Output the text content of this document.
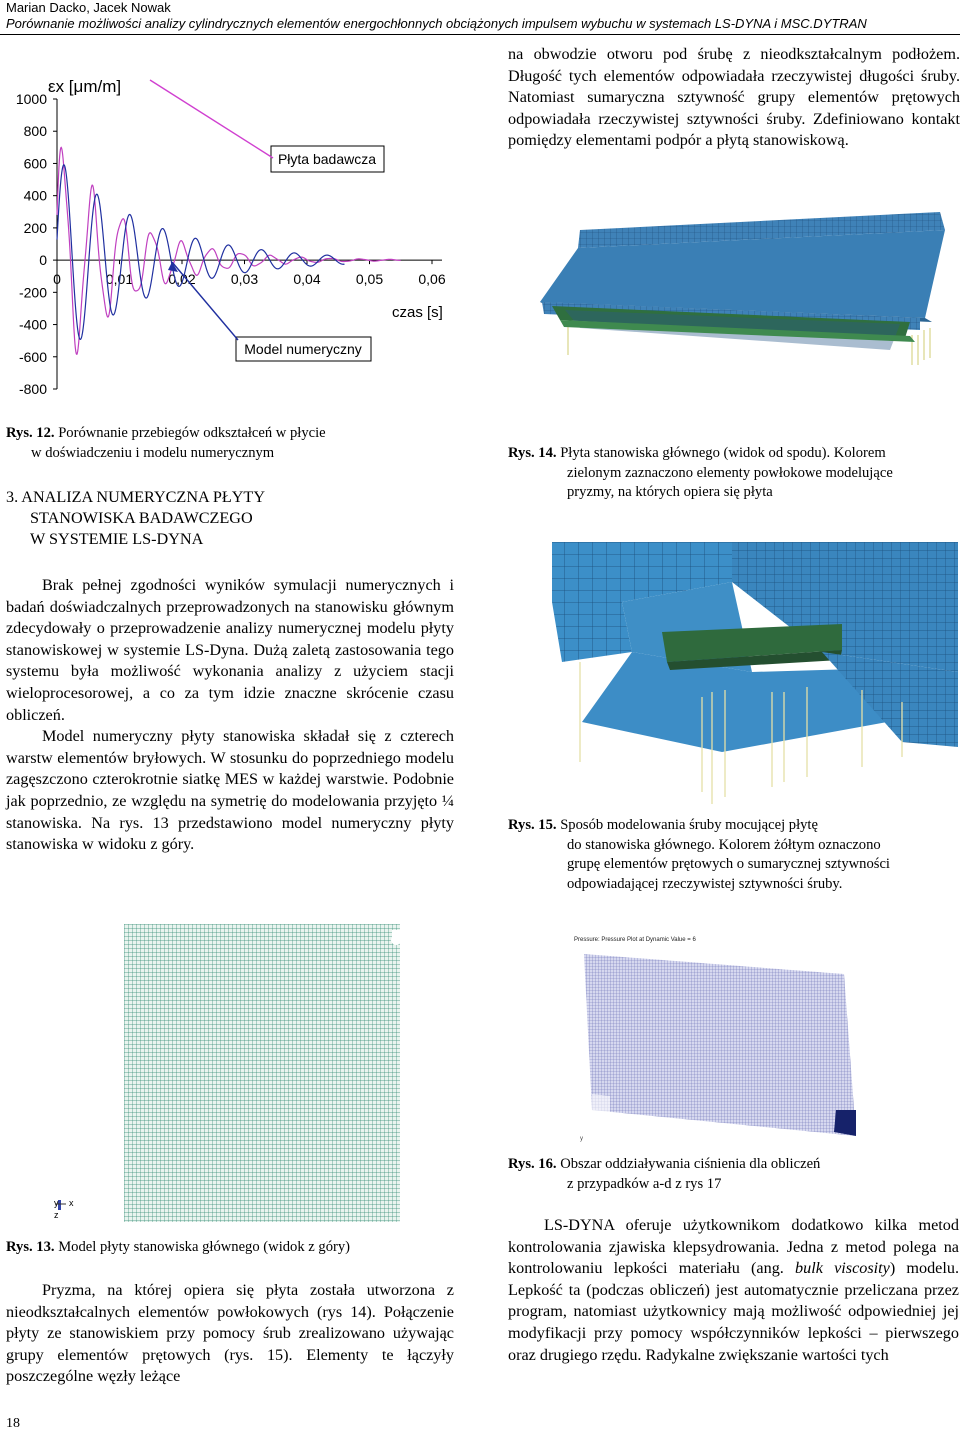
Marian Dacko, Jacek Nowak
Porównanie możliwości analizy cylindrycznych elementów energochłonnych obciążonych impulsem wybuchu w systemach LS-DYNA i MSC.DYTRAN
1000
800
600
400
200
0
-200
-400
-600
-800
0	0,01	0,02	0,03	0,04	0,05	0,06
εx [μm/m]
czas [s]
Płyta badawcza
Model numeryczny

na obwodzie otworu pod śrubę z nieodkształcalnym podłożem. Długość tych elementów odpowiadała rzeczywistej długości śruby. Natomiast sumaryczna sztywność grupy elementów prętowych odpowiadała rzeczywistej sztywności śruby. Zdefiniowano kontakt pomiędzy elementami podpór a płytą stanowiskową.

Rys. 12. Porównanie przebiegów odkształceń w płycie
w doświadczeniu i modelu numerycznym
3. ANALIZA NUMERYCZNA PŁYTY
STANOWISKA BADAWCZEGO
W SYSTEMIE LS-DYNA
Rys. 14. Płyta stanowiska głównego (widok od spodu). Kolorem
zielonym zaznaczono elementy powłokowe modelujące
pryzmy, na których opiera się płyta

Brak pełnej zgodności wyników symulacji numerycznych i badań doświadczalnych przeprowadzonych na stanowisku głównym zdecydowały o przeprowadzenie analizy numerycznej modelu płyty stanowiskowej w systemie LS-Dyna. Dużą zaletą zastosowania tego systemu była możliwość wykonania analizy z użyciem stacji wieloprocesorowej, a co za tym idzie znaczne skrócenie czasu obliczeń.

Model numeryczny płyty stanowiska składał się z czterech warstw elementów bryłowych. W stosunku do poprzedniego modelu zagęszczono czterokrotnie siatkę MES w każdej warstwie. Podobnie jak poprzednio, ze względu na symetrię do modelowania przyjęto ¼ stanowiska. Na rys. 13 przedstawiono model numeryczny płyty stanowiska w widoku z góry.

Rys. 15. Sposób modelowania śruby mocującej płytę
do stanowiska głównego. Kolorem żółtym oznaczono
grupę elementów prętowych o sumarycznej sztywności
odpowiadającej rzeczywistej sztywności śruby.
y x
z
Pressure: Pressure Plot at Dynamic Value = 6
y
Rys. 16. Obszar oddziaływania ciśnienia dla obliczeń
z przypadków a-d z rys 17
Rys. 13. Model płyty stanowiska głównego (widok z góry)

Pryzma, na której opiera się płyta została utworzona z nieodkształcalnych elementów powłokowych (rys 14). Połączenie płyty ze stanowiskiem przy pomocy śrub zrealizowano używając grupy elementów prętowych (rys. 15). Elementy te łączyły poszczególne węzły leżące

LS-DYNA oferuje użytkownikom dodatkowo kilka metod kontrolowania zjawiska klepsydrowania. Jedna z metod polega na kontrolowaniu lepkości materiału (ang. bulk viscosity) modelu. Lepkość ta (podczas obliczeń) jest automatycznie przeliczana przez program, natomiast użytkownicy mają możliwość odpowiedniej jej modyfikacji przy pomocy współczynników lepkości – pierwszego oraz drugiego rzędu. Radykalne zwiększanie wartości tych

18
